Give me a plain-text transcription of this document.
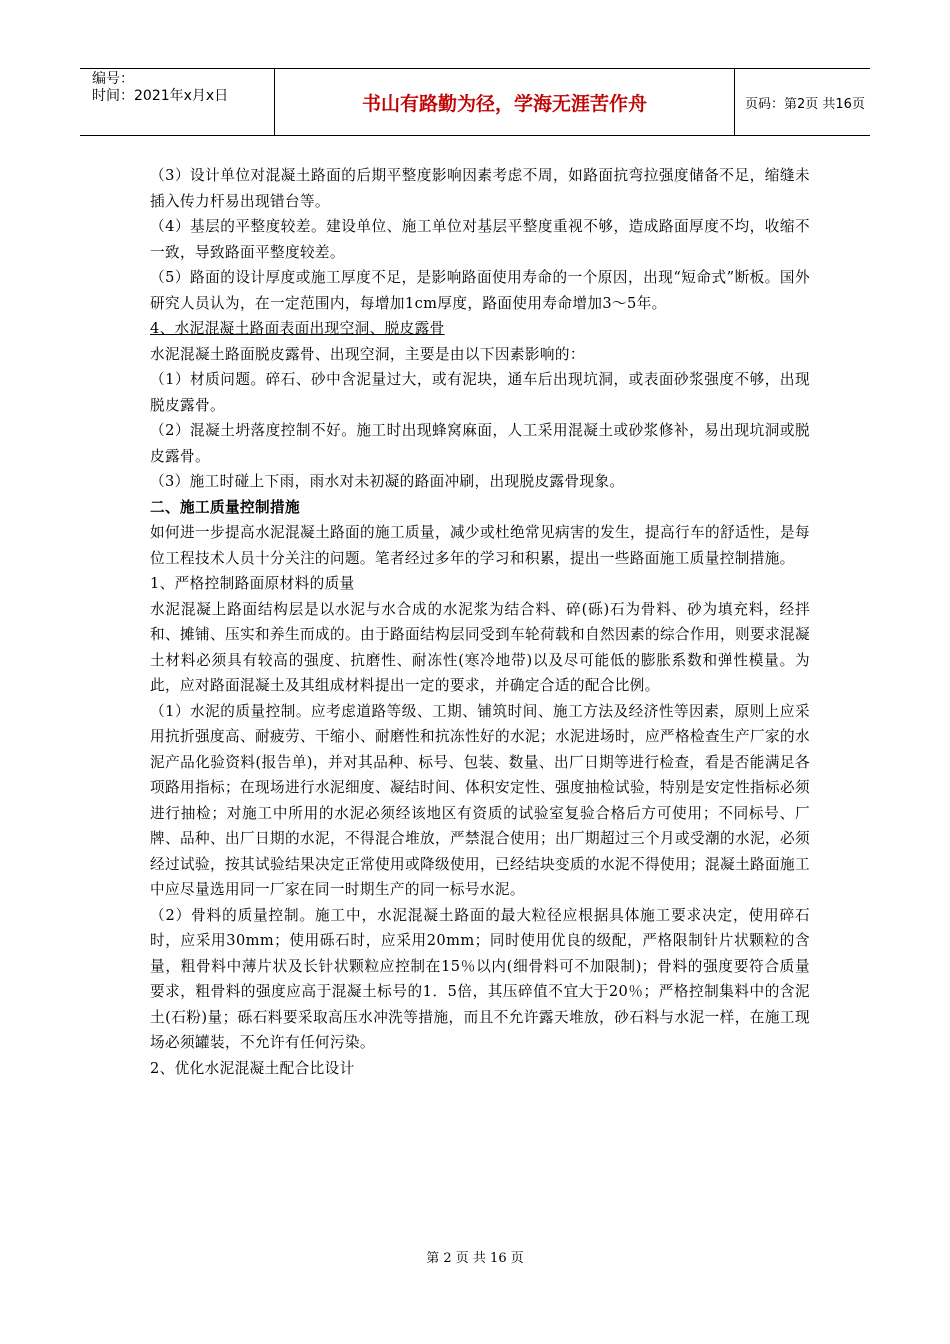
编号：
时间：2021年x月x日	书山有路勤为径，学海无涯苦作舟	页码：第2页 共16页

（3）设计单位对混凝土路面的后期平整度影响因素考虑不周，如路面抗弯拉强度储备不足，缩缝未插入传力杆易出现错台等。

（4）基层的平整度较差。建设单位、施工单位对基层平整度重视不够，造成路面厚度不均，收缩不一致，导致路面平整度较差。

（5）路面的设计厚度或施工厚度不足，是影响路面使用寿命的一个原因，出现“短命式”断板。国外研究人员认为，在一定范围内，每增加1cm厚度，路面使用寿命增加3～5年。

4、水泥混凝土路面表面出现空洞、脱皮露骨

水泥混凝土路面脱皮露骨、出现空洞，主要是由以下因素影响的：

（1）材质问题。碎石、砂中含泥量过大，或有泥块，通车后出现坑洞，或表面砂浆强度不够，出现脱皮露骨。

（2）混凝土坍落度控制不好。施工时出现蜂窝麻面，人工采用混凝土或砂浆修补，易出现坑洞或脱皮露骨。

（3）施工时碰上下雨，雨水对未初凝的路面冲刷，出现脱皮露骨现象。

二、施工质量控制措施

如何进一步提高水泥混凝土路面的施工质量，减少或杜绝常见病害的发生，提高行车的舒适性，是每位工程技术人员十分关注的问题。笔者经过多年的学习和积累，提出一些路面施工质量控制措施。

1、严格控制路面原材料的质量

水泥混凝上路面结构层是以水泥与水合成的水泥浆为结合料、碎(砾)石为骨料、砂为填充料，经拌和、摊铺、压实和养生而成的。由于路面结构层同受到车轮荷载和自然因素的综合作用，则要求混凝土材料必须具有较高的强度、抗磨性、耐冻性(寒冷地带)以及尽可能低的膨胀系数和弹性模量。为此，应对路面混凝土及其组成材料提出一定的要求，并确定合适的配合比例。

（1）水泥的质量控制。应考虑道路等级、工期、铺筑时间、施工方法及经济性等因素，原则上应采用抗折强度高、耐疲劳、干缩小、耐磨性和抗冻性好的水泥；水泥进场时，应严格检查生产厂家的水泥产品化验资料(报告单)，并对其品种、标号、包装、数量、出厂日期等进行检查，看是否能满足各项路用指标；在现场进行水泥细度、凝结时间、体积安定性、强度抽检试验，特别是安定性指标必须进行抽检；对施工中所用的水泥必须经该地区有资质的试验室复验合格后方可使用；不同标号、厂牌、品种、出厂日期的水泥，不得混合堆放，严禁混合使用；出厂期超过三个月或受潮的水泥，必须经过试验，按其试验结果决定正常使用或降级使用，已经结块变质的水泥不得使用；混凝土路面施工中应尽量选用同一厂家在同一时期生产的同一标号水泥。

（2）骨料的质量控制。施工中，水泥混凝土路面的最大粒径应根据具体施工要求决定，使用碎石时，应采用30mm；使用砾石时，应采用20mm；同时使用优良的级配，严格限制针片状颗粒的含量，粗骨料中薄片状及长针状颗粒应控制在15％以内(细骨料可不加限制)；骨料的强度要符合质量要求，粗骨料的强度应高于混凝土标号的1．5倍，其压碎值不宜大于20％；严格控制集料中的含泥土(石粉)量；砾石料要采取高压水冲洗等措施，而且不允许露天堆放，砂石料与水泥一样，在施工现场必须罐装，不允许有任何污染。

2、优化水泥混凝土配合比设计

第 2 页 共 16 页
